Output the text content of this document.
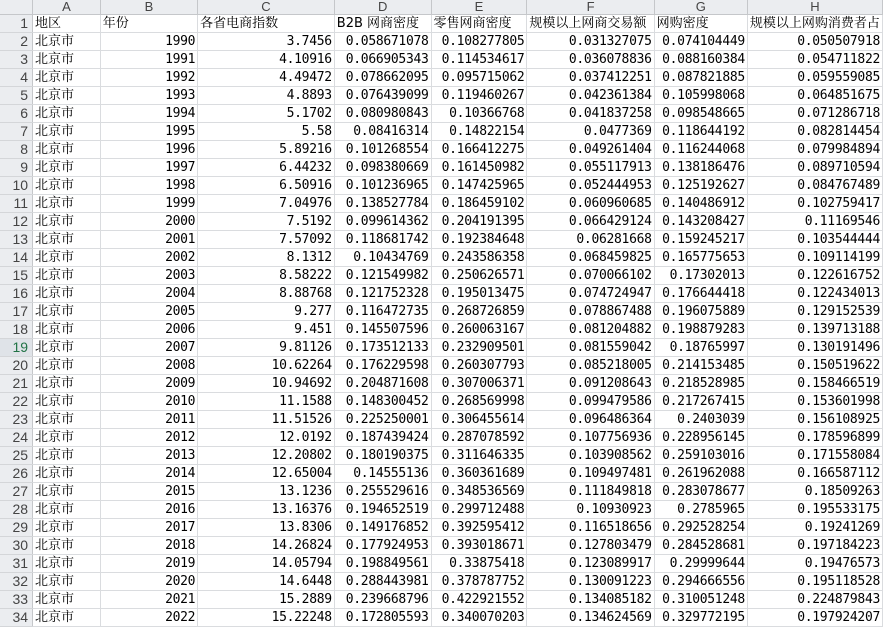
	A	B	C	D	E	F	G	H
1	地区	年份	各省电商指数	B2B 网商密度	零售网商密度	规模以上网商交易额	网购密度	规模以上网购消费者占
2	北京市	1990	3.7456	0.058671078	0.108277805	0.031327075	0.074104449	0.050507918
3	北京市	1991	4.10916	0.066905343	0.114534617	0.036078836	0.088160384	0.054711822
4	北京市	1992	4.49472	0.078662095	0.095715062	0.037412251	0.087821885	0.059559085
5	北京市	1993	4.8893	0.076439099	0.119460267	0.042361384	0.105998068	0.064851675
6	北京市	1994	5.1702	0.080980843	0.10366768	0.041837258	0.098548665	0.071286718
7	北京市	1995	5.58	0.08416314	0.14822154	0.0477369	0.118644192	0.082814454
8	北京市	1996	5.89216	0.101268554	0.166412275	0.049261404	0.116244068	0.079984894
9	北京市	1997	6.44232	0.098380669	0.161450982	0.055117913	0.138186476	0.089710594
10	北京市	1998	6.50916	0.101236965	0.147425965	0.052444953	0.125192627	0.084767489
11	北京市	1999	7.04976	0.138527784	0.186459102	0.060960685	0.140486912	0.102759417
12	北京市	2000	7.5192	0.099614362	0.204191395	0.066429124	0.143208427	0.11169546
13	北京市	2001	7.57092	0.118681742	0.192384648	0.06281668	0.159245217	0.103544444
14	北京市	2002	8.1312	0.10434769	0.243586358	0.068459825	0.165775653	0.109114199
15	北京市	2003	8.58222	0.121549982	0.250626571	0.070066102	0.17302013	0.122616752
16	北京市	2004	8.88768	0.121752328	0.195013475	0.074724947	0.176644418	0.122434013
17	北京市	2005	9.277	0.116472735	0.268726859	0.078867488	0.196075889	0.129152539
18	北京市	2006	9.451	0.145507596	0.260063167	0.081204882	0.198879283	0.139713188
19	北京市	2007	9.81126	0.173512133	0.232909501	0.081559042	0.18765997	0.130191496
20	北京市	2008	10.62264	0.176229598	0.260307793	0.085218005	0.214153485	0.150519622
21	北京市	2009	10.94692	0.204871608	0.307006371	0.091208643	0.218528985	0.158466519
22	北京市	2010	11.1588	0.148300452	0.268569998	0.099479586	0.217267415	0.153601998
23	北京市	2011	11.51526	0.225250001	0.306455614	0.096486364	0.2403039	0.156108925
24	北京市	2012	12.0192	0.187439424	0.287078592	0.107756936	0.228956145	0.178596899
25	北京市	2013	12.20802	0.180190375	0.311646335	0.103908562	0.259103016	0.171558084
26	北京市	2014	12.65004	0.14555136	0.360361689	0.109497481	0.261962088	0.166587112
27	北京市	2015	13.1236	0.255529616	0.348536569	0.111849818	0.283078677	0.18509263
28	北京市	2016	13.16376	0.194652519	0.299712488	0.10930923	0.2785965	0.195533175
29	北京市	2017	13.8306	0.149176852	0.392595412	0.116518656	0.292528254	0.19241269
30	北京市	2018	14.26824	0.177924953	0.393018671	0.127803479	0.284528681	0.197184223
31	北京市	2019	14.05794	0.198849561	0.33875418	0.123089917	0.29999644	0.19476573
32	北京市	2020	14.6448	0.288443981	0.378787752	0.130091223	0.294666556	0.195118528
33	北京市	2021	15.2889	0.239668796	0.422921552	0.134085182	0.310051248	0.224879843
34	北京市	2022	15.22248	0.172805593	0.340070203	0.134624569	0.329772195	0.197924207
